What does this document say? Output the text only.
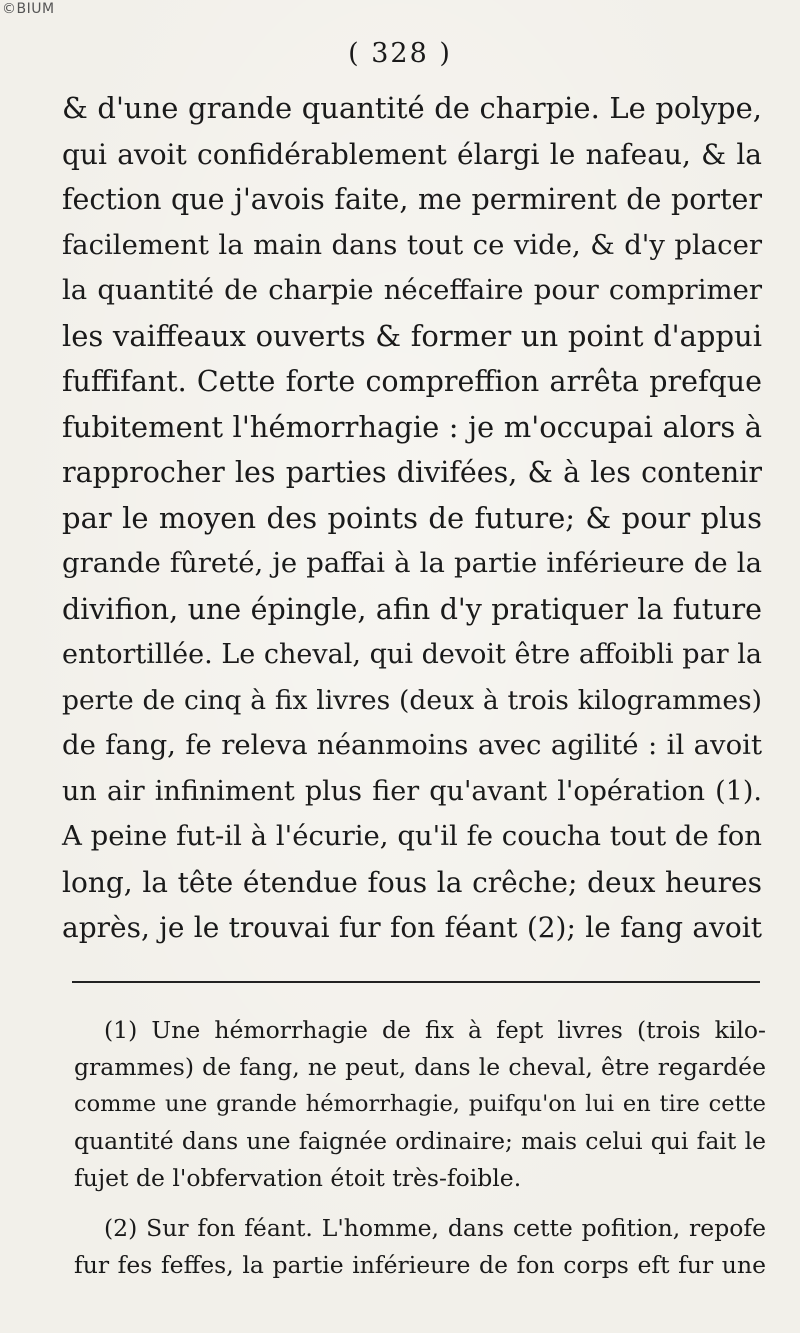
©BIUM
( 328 )
& d'une grande quantité de charpie. Le polype,
qui avoit confidérablement élargi le nafeau, & la
fection que j'avois faite, me permirent de porter
facilement la main dans tout ce vide, & d'y placer
la quantité de charpie néceffaire pour comprimer
les vaiffeaux ouverts & former un point d'appui
fuffifant. Cette forte compreffion arrêta prefque
fubitement l'hémorrhagie : je m'occupai alors à
rapprocher les parties divifées, & à les contenir
par le moyen des points de future; & pour plus
grande fûreté, je paffai à la partie inférieure de la
divifion, une épingle, afin d'y pratiquer la future
entortillée. Le cheval, qui devoit être affoibli par la
perte de cinq à fix livres (deux à trois kilogrammes)
de fang, fe releva néanmoins avec agilité : il avoit
un air infiniment plus fier qu'avant l'opération (1).
A peine fut-il à l'écurie, qu'il fe coucha tout de fon
long, la tête étendue fous la crêche; deux heures
après, je le trouvai fur fon féant (2); le fang avoit
(1) Une hémorrhagie de fix à fept livres (trois kilo-
grammes) de fang, ne peut, dans le cheval, être regardée
comme une grande hémorrhagie, puifqu'on lui en tire cette
quantité dans une faignée ordinaire; mais celui qui fait le
fujet de l'obfervation étoit très-foible.
(2) Sur fon féant. L'homme, dans cette pofition, repofe
fur fes feffes, la partie inférieure de fon corps eft fur une
